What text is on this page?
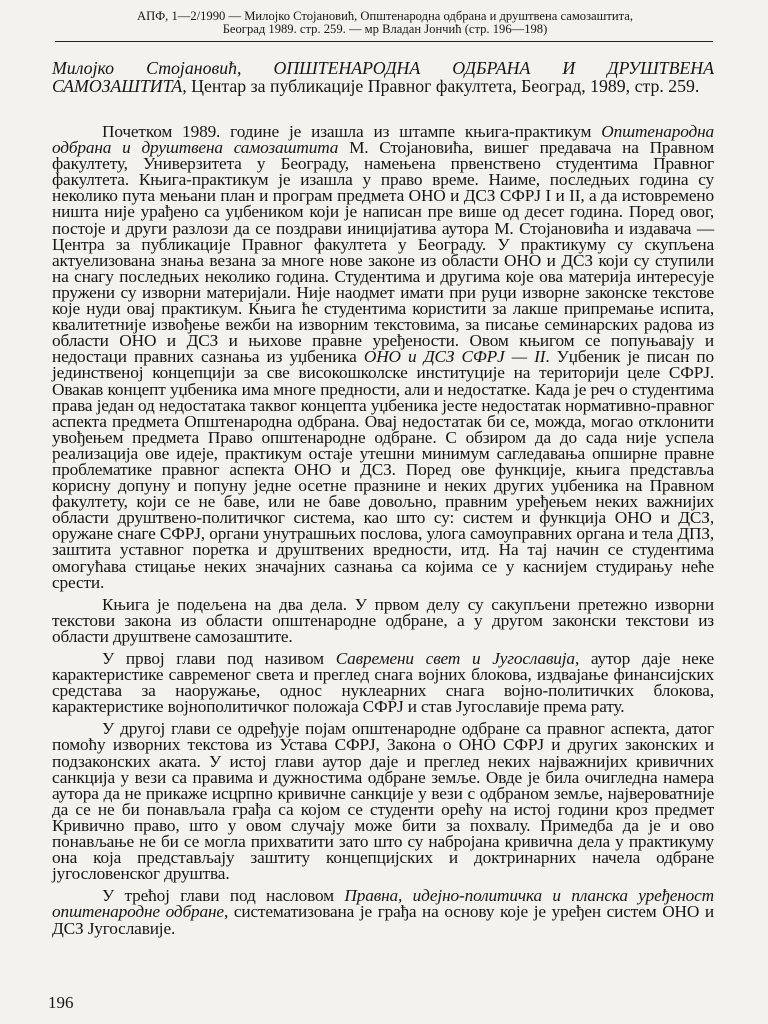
АПФ, 1—2/1990 — Милојко Стојановић, Општенародна одбрана и друштвена самозаштита,
Београд 1989. стр. 259. — мр Владан Јончић (стр. 196—198)
Милојко Стојановић, ОПШТЕНАРОДНА ОДБРАНА И ДРУШТВЕНА САМОЗАШТИТА, Центар за публикације Правног факултета, Београд, 1989, стр. 259.

Почетком 1989. године је изашла из штампе књига-практикум Општенародна одбрана и друштвена самозаштита М. Стојановића, вишег предавача на Правном факултету, Универзитета у Београду, намењена првенствено студентима Правног факултета. Књига-практикум је изашла у право време. Наиме, последњих година су неколико пута мењани план и програм предмета ОНО и ДСЗ СФРЈ I и II, а да истовремено ништа није урађено са уџбеником који је написан пре више од десет година. Поред овог, постоје и други разлози да се поздрави иницијатива аутора М. Стојановића и издавача — Центра за публикације Правног факултета у Београду. У практикуму су скупљена актуелизована знања везана за многе нове законе из области ОНО и ДСЗ који су ступили на снагу последњих неколико година. Студентима и другима које ова материја интересује пружени су изворни материјали. Није наодмет имати при руци изворне законске текстове које нуди овај практикум. Књига ће студентима користити за лакше припремање испита, квалитетније извођење вежби на изворним текстовима, за писање семинарских радова из области ОНО и ДСЗ и њихове правне уређености. Овом књигом се попуњавају и недостаци правних сазнања из уџбеника ОНО и ДСЗ СФРЈ — II. Уџбеник је писан по јединственој концепцији за све високошколске институције на територији целе СФРЈ. Овакав концепт уџбеника има многе предности, али и недостатке. Када је реч о студентима права један од недостатака таквог концепта уџбеника јесте недостатак нормативно-правног аспекта предмета Општенародна одбрана. Овај недостатак би се, можда, могао отклонити увођењем предмета Право општенародне одбране. С обзиром да до сада није успела реализација ове идеје, практикум остаје утешни минимум сагледавања опширне правне проблематике правног аспекта ОНО и ДСЗ. Поред ове функције, књига представља корисну допуну и попуну једне осетне празнине и неких других уџбеника на Правном факултету, који се не баве, или не баве довољно, правним уређењем неких важнијих области друштвено-политичког система, као што су: систем и функција ОНО и ДСЗ, оружане снаге СФРЈ, органи унутрашњих послова, улога самоуправних органа и тела ДПЗ, заштита уставног поретка и друштвених вредности, итд. На тај начин се студентима омогућава стицање неких значајних сазнања са којима се у каснијем студирању неће срести.

Књига је подељена на два дела. У првом делу су сакупљени претежно изворни текстови закона из области општенародне одбране, а у другом законски текстови из области друштвене самозаштите.

У првој глави под називом Савремени свет и Југославија, аутор даје неке карактеристике савременог света и преглед снага војних блокова, издвајање финансијских средстава за наоружање, однос нуклеарних снага војно-политичких блокова, карактеристике војнополитичког положаја СФРЈ и став Југославије према рату.

У другој глави се одређује појам општенародне одбране са правног аспекта, датог помоћу изворних текстова из Устава СФРЈ, Закона о ОНО СФРЈ и других законских и подзаконских аката. У истој глави аутор даје и преглед неких најважнијих кривичних санкција у вези са правима и дужностима одбране земље. Овде је била очигледна намера аутора да не прикаже исцрпно кривичне санкције у вези с одбраном земље, највероватније да се не би понављала грађа са којом се студенти орећу на истој години кроз предмет Кривично право, што у овом случају може бити за похвалу. Примедба да је и ово понављање не би се могла прихватити зато што су набројана кривична дела у практикуму она која представљају заштиту концепцијских и доктринарних начела одбране југословенског друштва.

У трећој глави под насловом Правна, идејно-политичка и планска уређеност општенародне одбране, систематизована је грађа на основу које је уређен систем ОНО и ДСЗ Југославије.

196
